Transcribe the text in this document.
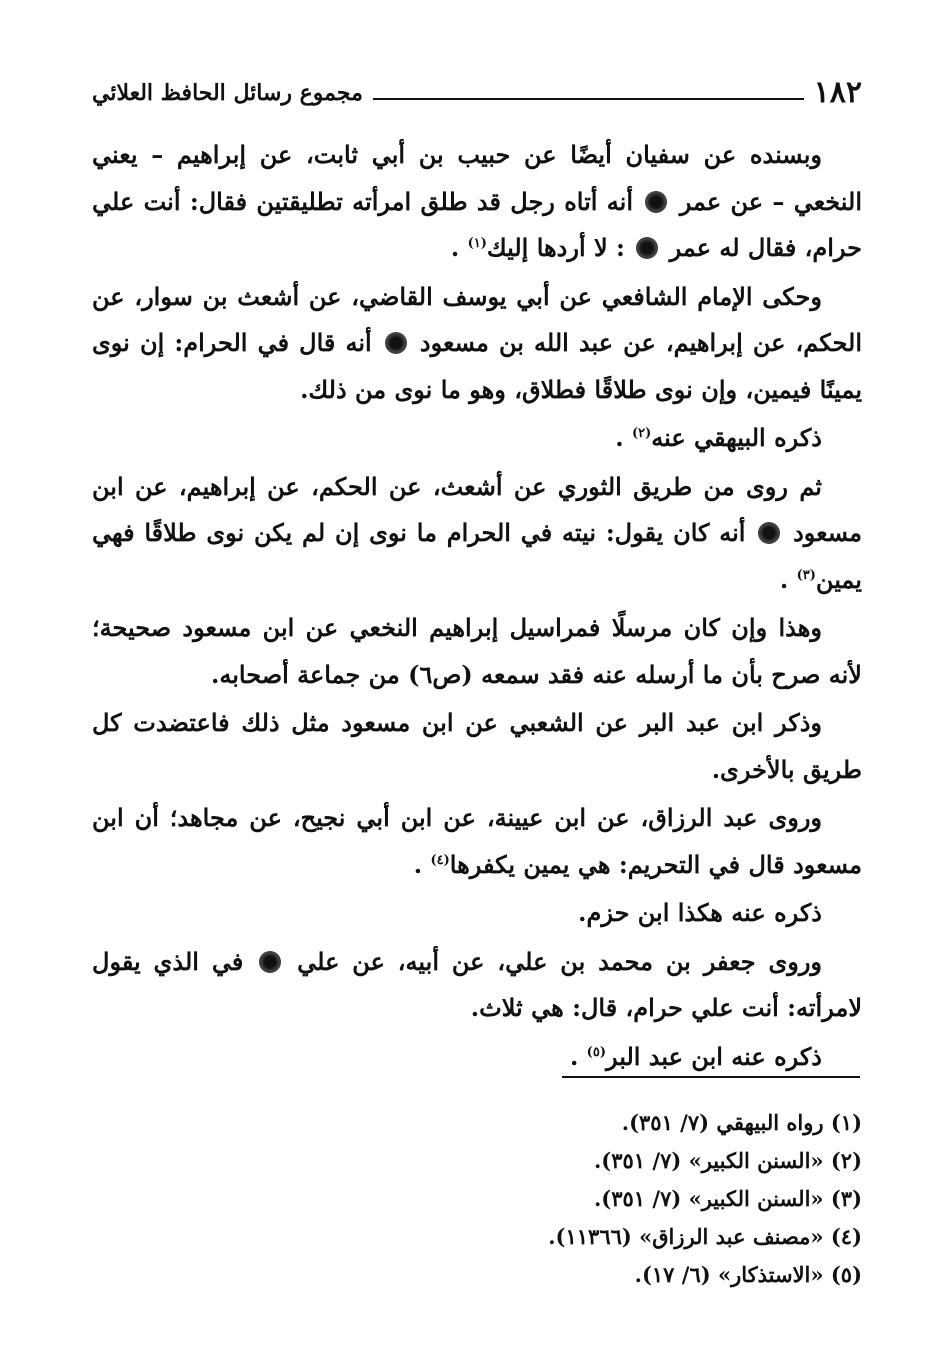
١٨٢
مجموع رسائل الحافظ العلائي

وبسنده عن سفيان أيضًا عن حبيب بن أبي ثابت، عن إبراهيم – يعني النخعي – عن عمر  أنه أتاه رجل قد طلق امرأته تطليقتين فقال: أنت علي حرام، فقال له عمر  : لا أردها إليك$^{(١)}$ .

وحكى الإمام الشافعي عن أبي يوسف القاضي، عن أشعث بن سوار، عن الحكم، عن إبراهيم، عن عبد الله بن مسعود  أنه قال في الحرام: إن نوى يمينًا فيمين، وإن نوى طلاقًا فطلاق، وهو ما نوى من ذلك.

ذكره البيهقي عنه$^{(٢)}$ .

ثم روى من طريق الثوري عن أشعث، عن الحكم، عن إبراهيم، عن ابن مسعود  أنه كان يقول: نيته في الحرام ما نوى إن لم يكن نوى طلاقًا فهي يمين$^{(٣)}$ .

وهذا وإن كان مرسلًا فمراسيل إبراهيم النخعي عن ابن مسعود صحيحة؛ لأنه صرح بأن ما أرسله عنه فقد سمعه (ص٦) من جماعة أصحابه.

وذكر ابن عبد البر عن الشعبي عن ابن مسعود مثل ذلك فاعتضدت كل طريق بالأخرى.

وروى عبد الرزاق، عن ابن عيينة، عن ابن أبي نجيح، عن مجاهد؛ أن ابن مسعود قال في التحريم: هي يمين يكفرها$^{(٤)}$ .

ذكره عنه هكذا ابن حزم.

وروى جعفر بن محمد بن علي، عن أبيه، عن علي  في الذي يقول لامرأته: أنت علي حرام، قال: هي ثلاث.

ذكره عنه ابن عبد البر$^{(٥)}$ .

(١) رواه البيهقي (٧/ ٣٥١).

(٢) «السنن الكبير» (٧/ ٣٥١).

(٣) «السنن الكبير» (٧/ ٣٥١).

(٤) «مصنف عبد الرزاق» (١١٣٦٦).

(٥) «الاستذكار» (٦/ ١٧).
